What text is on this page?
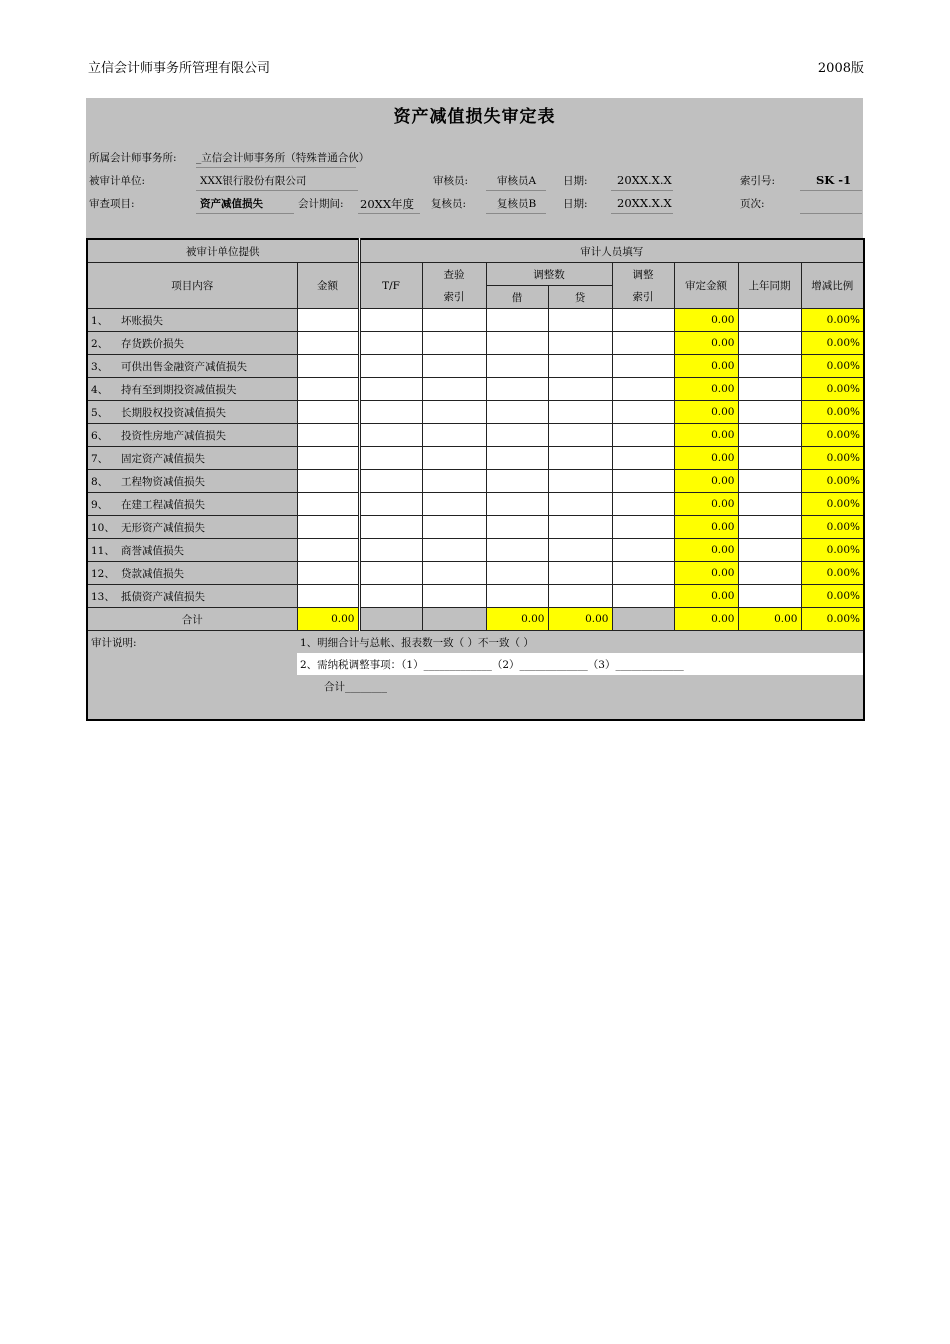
立信会计师事务所管理有限公司	2008版
资产减值损失审定表
所属会计师事务所: _立信会计师事务所（特殊普通合伙）
被审计单位:	XXX银行股份有限公司	审核员:	审核员A	日期:	20XX.X.X	索引号:	SK -1
审查项目:	资产减值损失	会计期间: 20XX年度 复核员:	复核员B	日期:	20XX.X.X	页次:
被审计单位提供		审计人员填写							
项目内容	金额	T/F	查验	调整数		调整	审定金额	上年同期	增减比例
			索引	借	贷	索引			
1、 坏账损失							0.00		0.00%
2、 存货跌价损失							0.00		0.00%
3、 可供出售金融资产减值损失							0.00		0.00%
4、 持有至到期投资减值损失							0.00		0.00%
5、 长期股权投资减值损失							0.00		0.00%
6、 投资性房地产减值损失							0.00		0.00%
7、 固定资产减值损失							0.00		0.00%
8、 工程物资减值损失							0.00		0.00%
9、 在建工程减值损失							0.00		0.00%
10、 无形资产减值损失							0.00		0.00%
11、 商誉减值损失							0.00		0.00%
12、 贷款减值损失							0.00		0.00%
13、 抵债资产减值损失							0.00		0.00%
合计	0.00			0.00	0.00		0.00	0.00	0.00%
审计说明:	1、明细合计与总帐、报表数一致（ ）不一致（ ）								
	2、需纳税调整事项：（1）_____________（2）_____________（3）_____________								
合计________									
